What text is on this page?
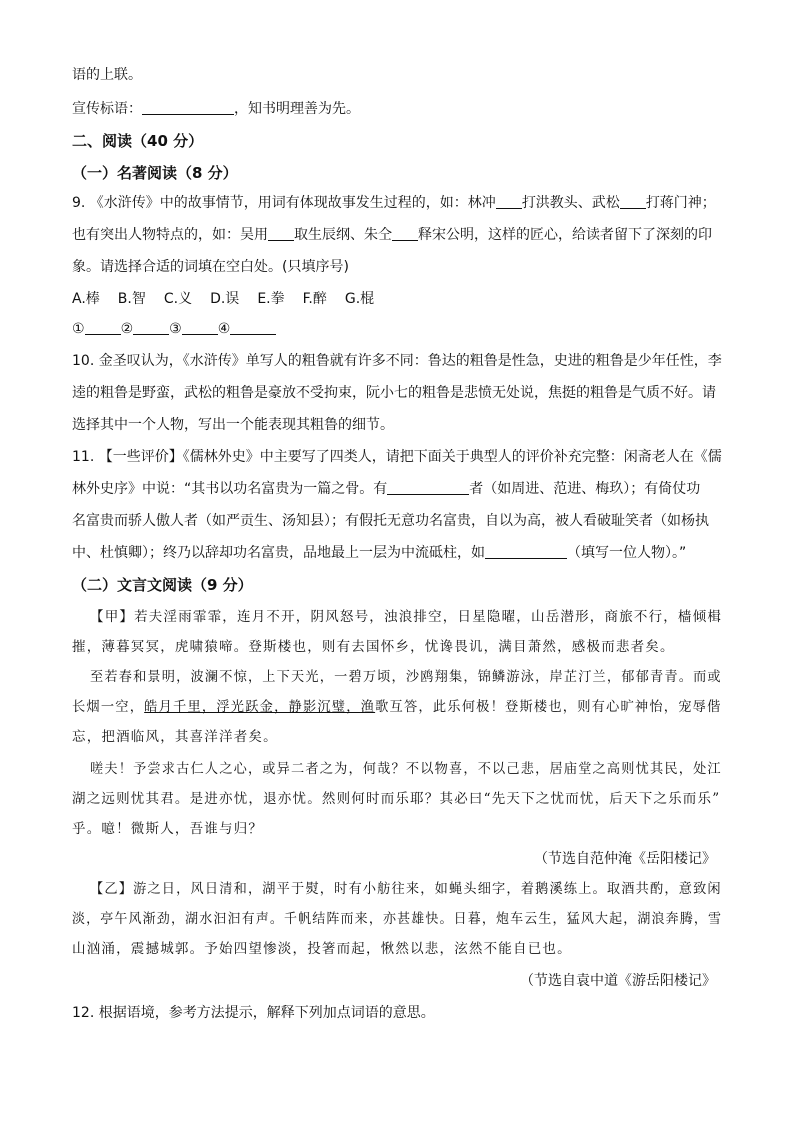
语的上联。
宣传标语：	，知书明理善为先。
二、阅读（40 分）
（一）名著阅读（8 分）
9. 《水浒传》中的故事情节，用词有体现故事发生过程的，如：林冲 打洪教头、武松 打蒋门神；
也有突出人物特点的，如：吴用 取生辰纲、朱仝 释宋公明，这样的匠心，给读者留下了深刻的印
象。请选择合适的词填在空白处。(只填序号)
A.棒 B.智 C.义 D.误 E.拳 F.醉 G.棍
①	②	③	④
10. 金圣叹认为，《水浒传》单写人的粗鲁就有许多不同：鲁达的粗鲁是性急，史进的粗鲁是少年任性，李
逵的粗鲁是野蛮，武松的粗鲁是豪放不受拘束，阮小七的粗鲁是悲愤无处说，焦挺的粗鲁是气质不好。请
选择其中一个人物，写出一个能表现其粗鲁的细节。
11. 【一些评价】《儒林外史》中主要写了四类人，请把下面关于典型人的评价补充完整：闲斋老人在《儒
林外史序》中说：“其书以功名富贵为一篇之骨。有	者（如周进、范进、梅玖）；有倚仗功
名富贵而骄人傲人者（如严贡生、汤知县）；有假托无意功名富贵，自以为高，被人看破耻笑者（如杨执
中、杜慎卿）；终乃以辞却功名富贵，品地最上一层为中流砥柱，如	（填写一位人物）。”
（二）文言文阅读（9 分）
【甲】若夫淫雨霏霏，连月不开，阴风怒号，浊浪排空，日星隐曜，山岳潜形，商旅不行，樯倾楫
摧，薄暮冥冥，虎啸猿啼。登斯楼也，则有去国怀乡，忧谗畏讥，满目萧然，感极而悲者矣。
至若春和景明，波澜不惊，上下天光，一碧万顷，沙鸥翔集，锦鳞游泳，岸芷汀兰，郁郁青青。而或
长烟一空，皓月千里，浮光跃金，静影沉璧，渔歌互答，此乐何极！登斯楼也，则有心旷神怡，宠辱偕
忘，把酒临风，其喜洋洋者矣。
嗟夫！予尝求古仁人之心，或异二者之为，何哉？不以物喜，不以己悲，居庙堂之高则忧其民，处江
湖之远则忧其君。是进亦忧，退亦忧。然则何时而乐耶？其必曰“先天下之忧而忧，后天下之乐而乐”
乎。噫！微斯人，吾谁与归？
（节选自范仲淹《岳阳楼记》
【乙】游之日，风日清和，湖平于熨，时有小舫往来，如蝇头细字，着鹅溪练上。取酒共酌，意致闲
淡，亭午风渐劲，湖水汩汩有声。千帆结阵而来，亦甚雄快。日暮，炮车云生，猛风大起，湖浪奔腾，雪
山汹涌，震撼城郭。予始四望惨淡，投箸而起，愀然以悲，泫然不能自已也。
（节选自袁中道《游岳阳楼记》
12. 根据语境，参考方法提示，解释下列加点词语的意思。
